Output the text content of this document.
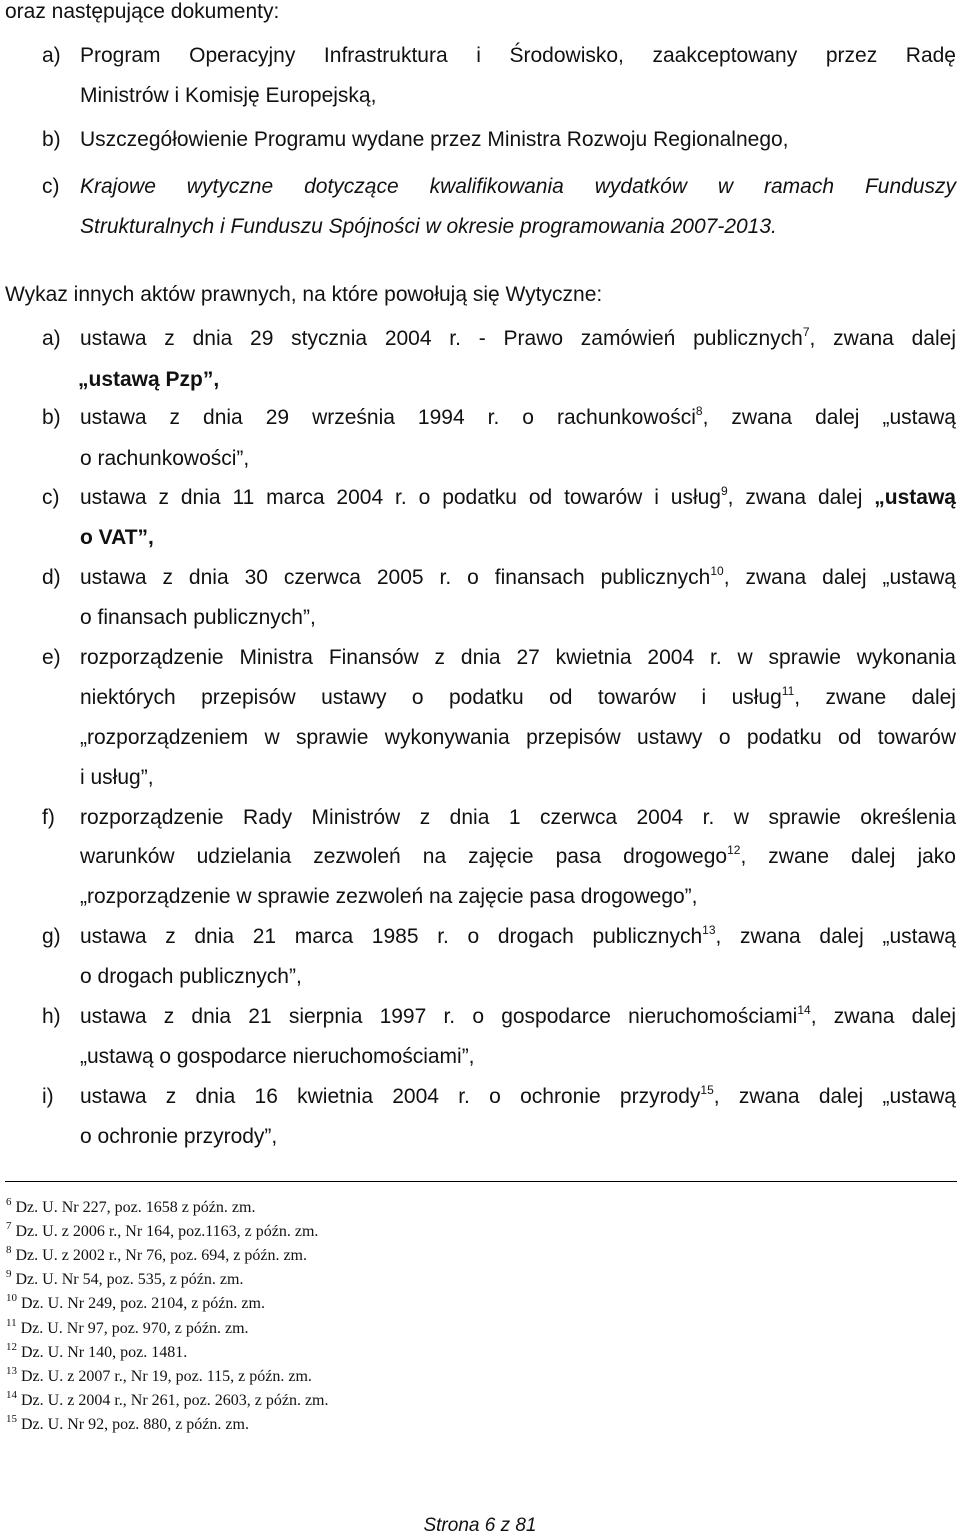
oraz następujące dokumenty:
a) Program Operacyjny Infrastruktura i Środowisko, zaakceptowany przez Radę
Ministrów i Komisję Europejską,
b) Uszczegółowienie Programu wydane przez Ministra Rozwoju Regionalnego,
c) Krajowe wytyczne dotyczące kwalifikowania wydatków w ramach Funduszy
Strukturalnych i Funduszu Spójności w okresie programowania 2007-2013.
Wykaz innych aktów prawnych, na które powołują się Wytyczne:
a) ustawa z dnia 29 stycznia 2004 r. - Prawo zamówień publicznych$^7$, zwana dalej
„ustawą Pzp”,
b) ustawa z dnia 29 września 1994 r. o rachunkowości$^8$, zwana dalej „ustawą
o rachunkowości”,
c) ustawa z dnia 11 marca 2004 r. o podatku od towarów i usług$^9$, zwana dalej „ustawą
o VAT”,
d) ustawa z dnia 30 czerwca 2005 r. o finansach publicznych$^{10}$, zwana dalej „ustawą
o finansach publicznych”,
e) rozporządzenie Ministra Finansów z dnia 27 kwietnia 2004 r. w sprawie wykonania
niektórych przepisów ustawy o podatku od towarów i usług$^{11}$, zwane dalej
„rozporządzeniem w sprawie wykonywania przepisów ustawy o podatku od towarów
i usług”,
f) rozporządzenie Rady Ministrów z dnia 1 czerwca 2004 r. w sprawie określenia
warunków udzielania zezwoleń na zajęcie pasa drogowego$^{12}$, zwane dalej jako
„rozporządzenie w sprawie zezwoleń na zajęcie pasa drogowego”,
g) ustawa z dnia 21 marca 1985 r. o drogach publicznych$^{13}$, zwana dalej „ustawą
o drogach publicznych”,
h) ustawa z dnia 21 sierpnia 1997 r. o gospodarce nieruchomościami$^{14}$, zwana dalej
„ustawą o gospodarce nieruchomościami”,
i) ustawa z dnia 16 kwietnia 2004 r. o ochronie przyrody$^{15}$, zwana dalej „ustawą
o ochronie przyrody”,
$^6$ Dz. U. Nr 227, poz. 1658 z późn. zm.
$^7$ Dz. U. z 2006 r., Nr 164, poz.1163, z późn. zm.
$^8$ Dz. U. z 2002 r., Nr 76, poz. 694, z późn. zm.
$^9$ Dz. U. Nr 54, poz. 535, z późn. zm.
$^{10}$ Dz. U. Nr 249, poz. 2104, z późn. zm.
$^{11}$ Dz. U. Nr 97, poz. 970, z późn. zm.
$^{12}$ Dz. U. Nr 140, poz. 1481.
$^{13}$ Dz. U. z 2007 r., Nr 19, poz. 115, z późn. zm.
$^{14}$ Dz. U. z 2004 r., Nr 261, poz. 2603, z późn. zm.
$^{15}$ Dz. U. Nr 92, poz. 880, z późn. zm.
Strona 6 z 81
